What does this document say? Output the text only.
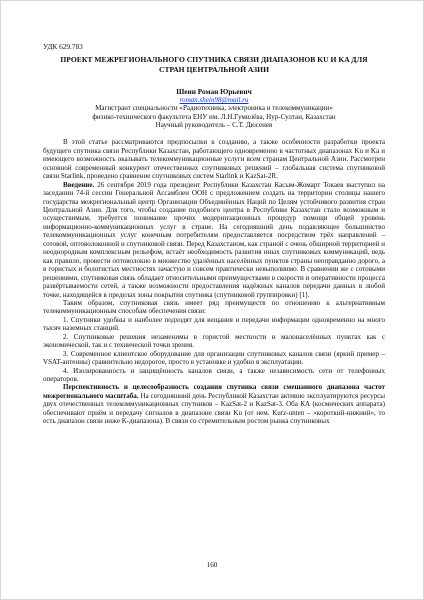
УДК 629.783
ПРОЕКТ МЕЖРЕГИОНАЛЬНОГО СПУТНИКА СВЯЗИ ДИАПАЗОНОВ KU И KA ДЛЯ СТРАН ЦЕНТРАЛЬНОЙ АЗИИ
Шеин Роман Юрьевич
roman.shein98@mail.ru
Магистрант специальности «Радиотехника, электроника и телекоммуникации»
физико-технического факультета ЕНУ им. Л.Н.Гумилёва, Нур-Султан, Казахстан
Научный руководитель – С.Т. Дюсенев

В этой статье рассматриваются предпосылки к созданию, а также особенности разработки проекта будущего спутника связи Республики Казахстан, работающего одновременно в частотных диапазонах Ku и Ka и имеющего возможность оказывать телекоммуникационные услуги всем странам Центральной Азии. Рассмотрен основной современный конкурент отечественных спутниковых решений – глобальная система спутниковой связи Starlink, проведено сравнение спутниковых систем Starlink и KazSat-2R.

Введение. 26 сентября 2019 года президент Республики Казахстан Касым-Жомарт Токаев выступил на заседании 74-й сессии Генеральной Ассамблеи ООН с предложением создать на территории столицы нашего государства межрегиональный центр Организации Объединённых Наций по Целям устойчивого развития стран Центральной Азии. Для того, чтобы создание подобного центра в Республике Казахстан стало возможным и осуществимым, требуется понимание прочих модернизационных процедур помощи общей уровень информационно-коммуникационных услуг в стране. На сегодняшний день подавляющее большинство телекоммуникационных услуг конечным потребителям предоставляется посредством трёх направлений – сотовой, оптоволоконной и спутниковой связи. Перед Казахстаном, как страной с очень обширной территорией и неоднородным комплексным рельефом, встаёт необходимость развития иных спутниковых коммуникаций, ведь как правило, провести оптоволокно в множество удалённых населённых пунктов страны неоправданно дорого, а в гористых и болотистых местностях зачастую и совсем практически невыполнимо. В сравнении же с сотовыми решениями, спутниковая связь обладает относительными преимуществами в скорости и оперативности процесса развёртываемости сетей, а также возможности предоставления надёжных каналов передачи данных в любой точке, находящейся в пределах зоны покрытия спутника (спутниковой группировки) [1].

Таким образом, спутниковая связь имеет ряд преимуществ по отношению к альтернативным телекоммуникационным способам обеспечения связи:

1. Спутники удобны и наиболее подходят для вещания и передачи информации одновременно на много тысяч наземных станций.

2. Спутниковые решения незаменимы в гористой местности и малонаселённых пунктах как с экономической, так и с технической точки зрения.

3. Современное клиентское оборудование для организации спутниковых каналов связи (яркий пример – VSAT-антенны) сравнительно недорогое, просто в установке и удобно в эксплуатации.

4. Изолированность и защищённость каналов связи, а также независимость сети от телефонных операторов.

Перспективность и целесообразность создания спутника связи смешанного диапазона частот межрегионального масштаба. На сегодняшний день Республикой Казахстан активно эксплуатируются ресурсы двух отечественных телекоммуникационных спутников – KazSat-2 и KazSat-3. Оба КА (космических аппарата) обеспечивают приём и передачу сигналов в диапазоне связи Ku (от нем. Kurz-unten – «короткий-нижний», то есть диапазон связи ниже K-диапазона). В связи со стремительным ростом рынка спутниковых

160
